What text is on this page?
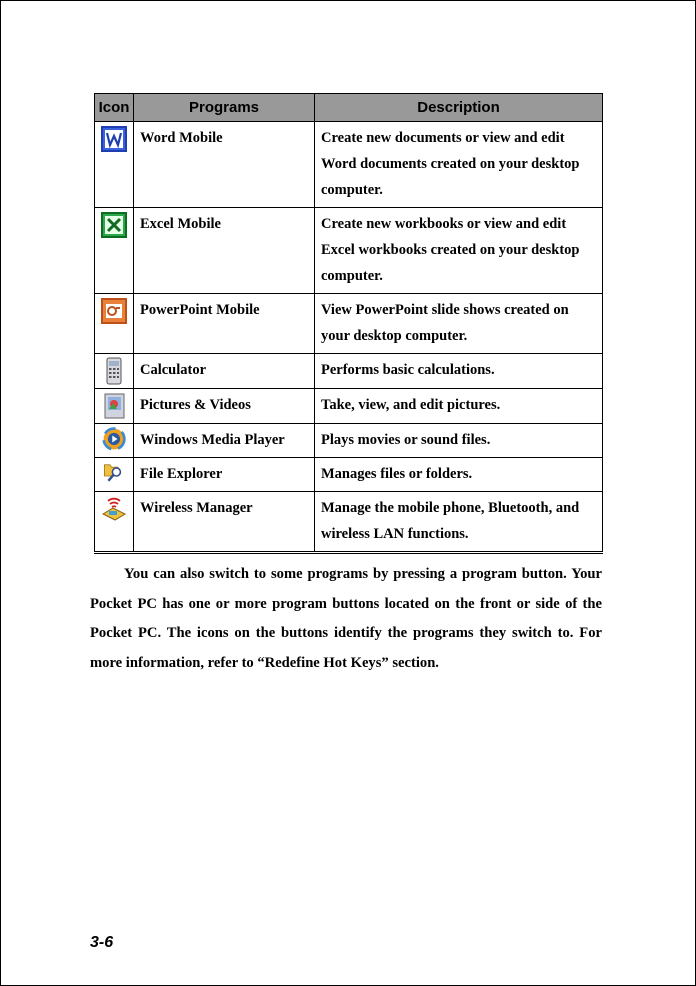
Icon	Programs	Description

	Word Mobile	Create new documents or view and edit Word documents created on your desktop computer.

	Excel Mobile	Create new workbooks or view and edit Excel workbooks created on your desktop computer.

	PowerPoint Mobile	View PowerPoint slide shows created on your desktop computer.

	Calculator	Performs basic calculations.

	Pictures & Videos	Take, view, and edit pictures.

	Windows Media Player	Plays movies or sound files.

	File Explorer	Manages files or folders.

	Wireless Manager	Manage the mobile phone, Bluetooth, and wireless LAN functions.

You can also switch to some programs by pressing a program button. Your Pocket PC has one or more program buttons located on the front or side of the Pocket PC. The icons on the buttons identify the programs they switch to. For more information, refer to “Redefine Hot Keys” section.

3-6
